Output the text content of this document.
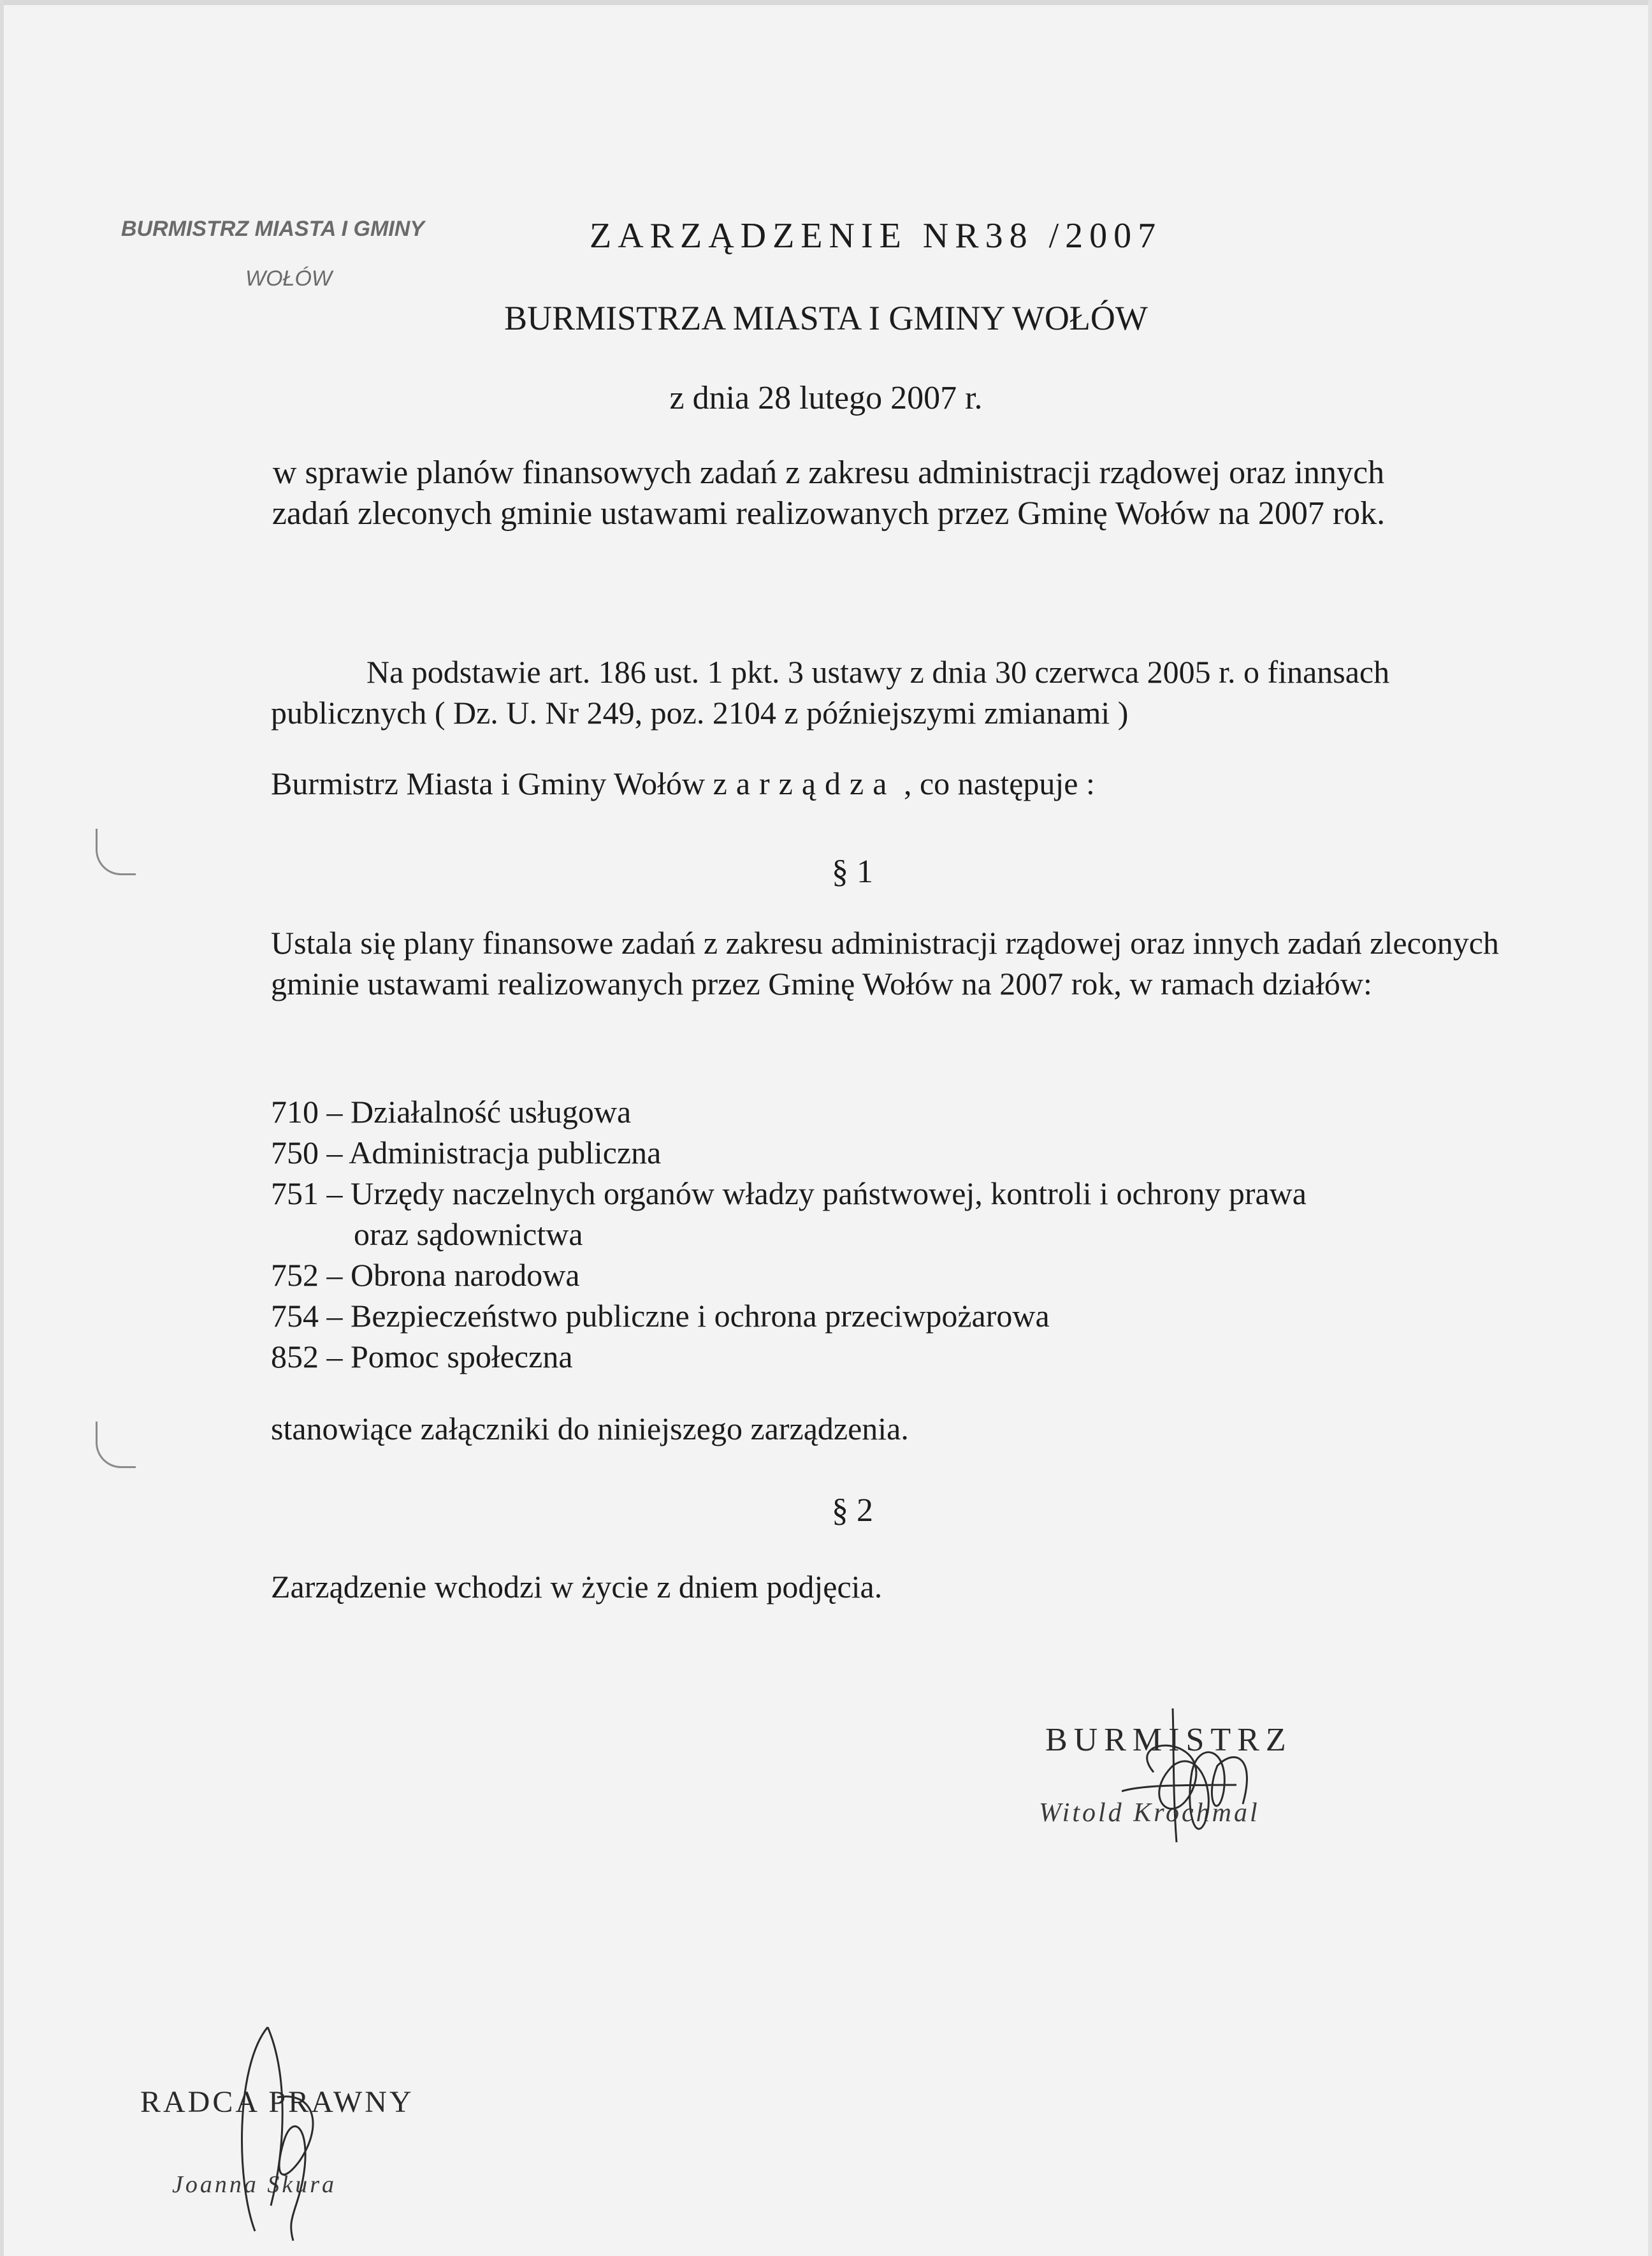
BURMISTRZ MIASTA I GMINY
WOŁÓW
ZARZĄDZENIE NR38 /2007
BURMISTRZA MIASTA I GMINY WOŁÓW
z dnia 28 lutego 2007 r.
w sprawie planów finansowych zadań z zakresu administracji rządowej oraz innych zadań zleconych gminie ustawami realizowanych przez Gminę Wołów na 2007 rok.
Na podstawie art. 186 ust. 1 pkt. 3 ustawy z dnia 30 czerwca 2005 r. o finansach
publicznych ( Dz. U. Nr 249, poz. 2104 z późniejszymi zmianami )
Burmistrz Miasta i Gminy Wołów zarządza , co następuje :
§ 1
Ustala się plany finansowe zadań z zakresu administracji rządowej oraz innych zadań zleconych gminie ustawami realizowanych przez Gminę Wołów na 2007 rok, w ramach działów:
710 – Działalność usługowa
750 – Administracja publiczna
751 – Urzędy naczelnych organów władzy państwowej, kontroli i ochrony prawa
oraz sądownictwa
752 – Obrona narodowa
754 – Bezpieczeństwo publiczne i ochrona przeciwpożarowa
852 – Pomoc społeczna
stanowiące załączniki do niniejszego zarządzenia.
§ 2
Zarządzenie wchodzi w życie z dniem podjęcia.
BURMISTRZ
Witold Krochmal
RADCA PRAWNY
Joanna Skura
